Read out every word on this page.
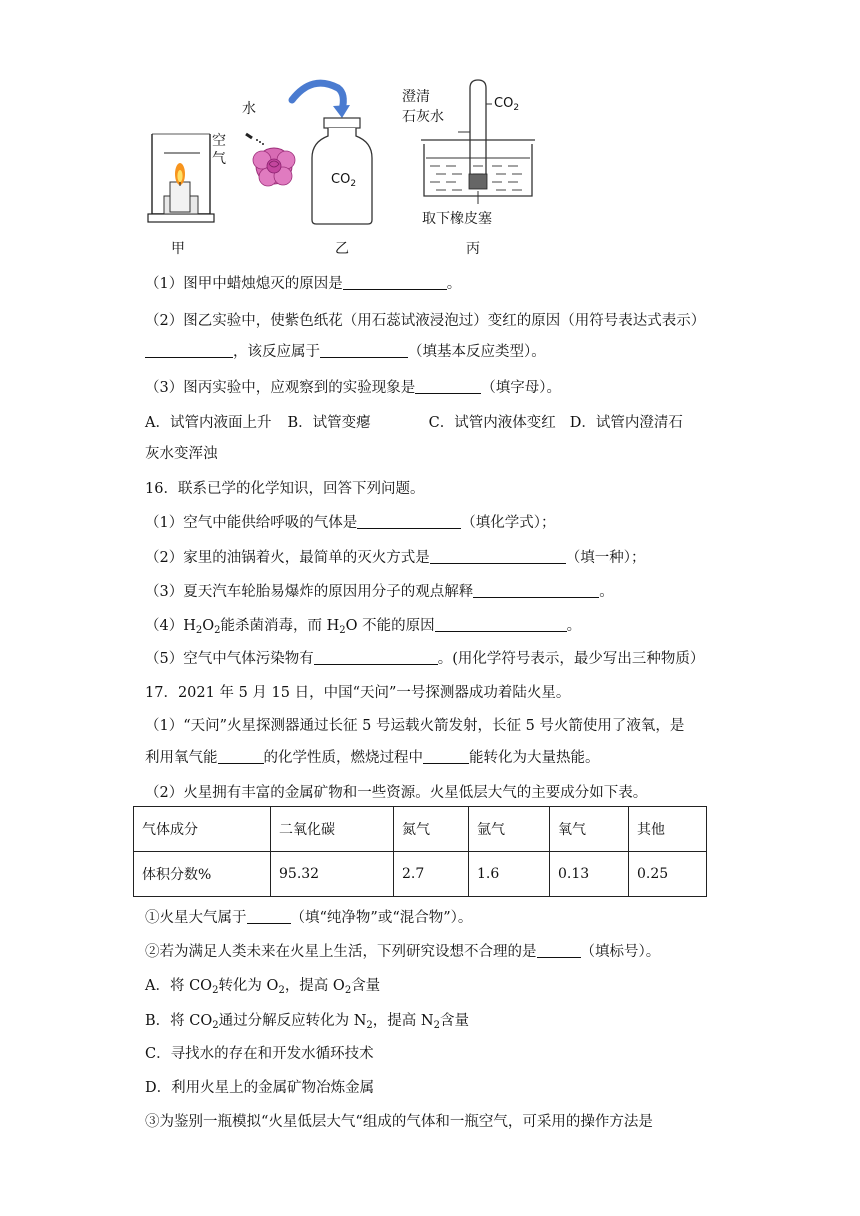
水
空
气
甲
$CO_2$
乙
澄清
石灰水
$CO_2$
取下橡皮塞
丙
（1）图甲中蜡烛熄灭的原因是	。
（2）图乙实验中，使紫色纸花（用石蕊试液浸泡过）变红的原因（用符号表达式表示）
，该反应属于	（填基本反应类型）。
（3）图丙实验中，应观察到的实验现象是	（填字母）。
A．试管内液面上升 B．试管变瘪	C．试管内液体变红 D．试管内澄清石
灰水变浑浊
16．联系已学的化学知识，回答下列问题。
（1）空气中能供给呼吸的气体是	（填化学式）；
（2）家里的油锅着火，最简单的灭火方式是	（填一种）；
（3）夏天汽车轮胎易爆炸的原因用分子的观点解释	。
$(4)H_2O_2$能杀菌消毒，而 $H_2O$ 不能的原因	。
（5）空气中气体污染物有	。(用化学符号表示，最少写出三种物质）
17．2021 年 5 月 15 日，中国“天问”一号探测器成功着陆火星。
（1）“天问”火星探测器通过长征 5 号运载火箭发射，长征 5 号火箭使用了液氧，是
利用氧气能	的化学性质，燃烧过程中	能转化为大量热能。
（2）火星拥有丰富的金属矿物和一些资源。火星低层大气的主要成分如下表。
气体成分	二氧化碳	氮气	氩气	氧气	其他
体积分数%	95.32	2.7	1.6	0.13	0.25
①火星大气属于	（填“纯净物”或“混合物”）。
②若为满足人类未来在火星上生活，下列研究设想不合理的是	（填标号）。
A．将 $CO_2$转化为 $O_2$，提高 $O_2$含量
B．将 $CO_2$通过分解反应转化为 $N_2$，提高 $N_2$含量
C．寻找水的存在和开发水循环技术
D．利用火星上的金属矿物冶炼金属
③为鉴别一瓶模拟“火星低层大气“组成的气体和一瓶空气，可采用的操作方法是
